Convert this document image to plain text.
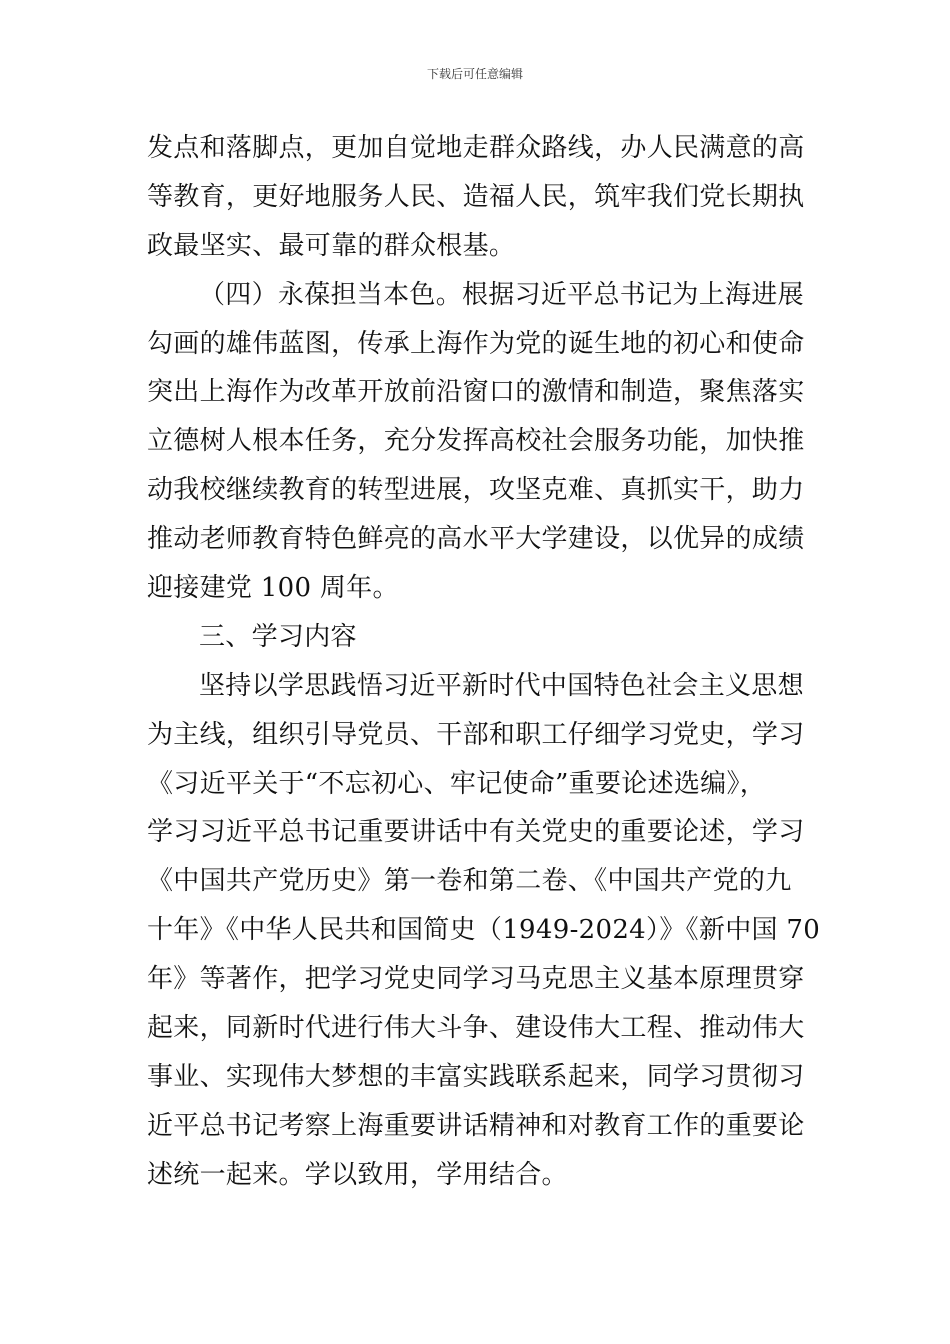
下载后可任意编辑
发点和落脚点，更加自觉地走群众路线，办人民满意的高
等教育，更好地服务人民、造福人民，筑牢我们党长期执
政最坚实、最可靠的群众根基。
（四）永葆担当本色。根据习近平总书记为上海进展
勾画的雄伟蓝图，传承上海作为党的诞生地的初心和使命
突出上海作为改革开放前沿窗口的激情和制造，聚焦落实
立德树人根本任务，充分发挥高校社会服务功能，加快推
动我校继续教育的转型进展，攻坚克难、真抓实干，助力
推动老师教育特色鲜亮的高水平大学建设，以优异的成绩
迎接建党 100 周年。
三、学习内容
坚持以学思践悟习近平新时代中国特色社会主义思想
为主线，组织引导党员、干部和职工仔细学习党史，学习
《习近平关于“不忘初心、牢记使命”重要论述选编》，
学习习近平总书记重要讲话中有关党史的重要论述，学习
《中国共产党历史》第一卷和第二卷、《中国共产党的九
十年》《中华人民共和国简史（1949-2024）》《新中国 70
年》等著作，把学习党史同学习马克思主义基本原理贯穿
起来，同新时代进行伟大斗争、建设伟大工程、推动伟大
事业、实现伟大梦想的丰富实践联系起来，同学习贯彻习
近平总书记考察上海重要讲话精神和对教育工作的重要论
述统一起来。学以致用，学用结合。
